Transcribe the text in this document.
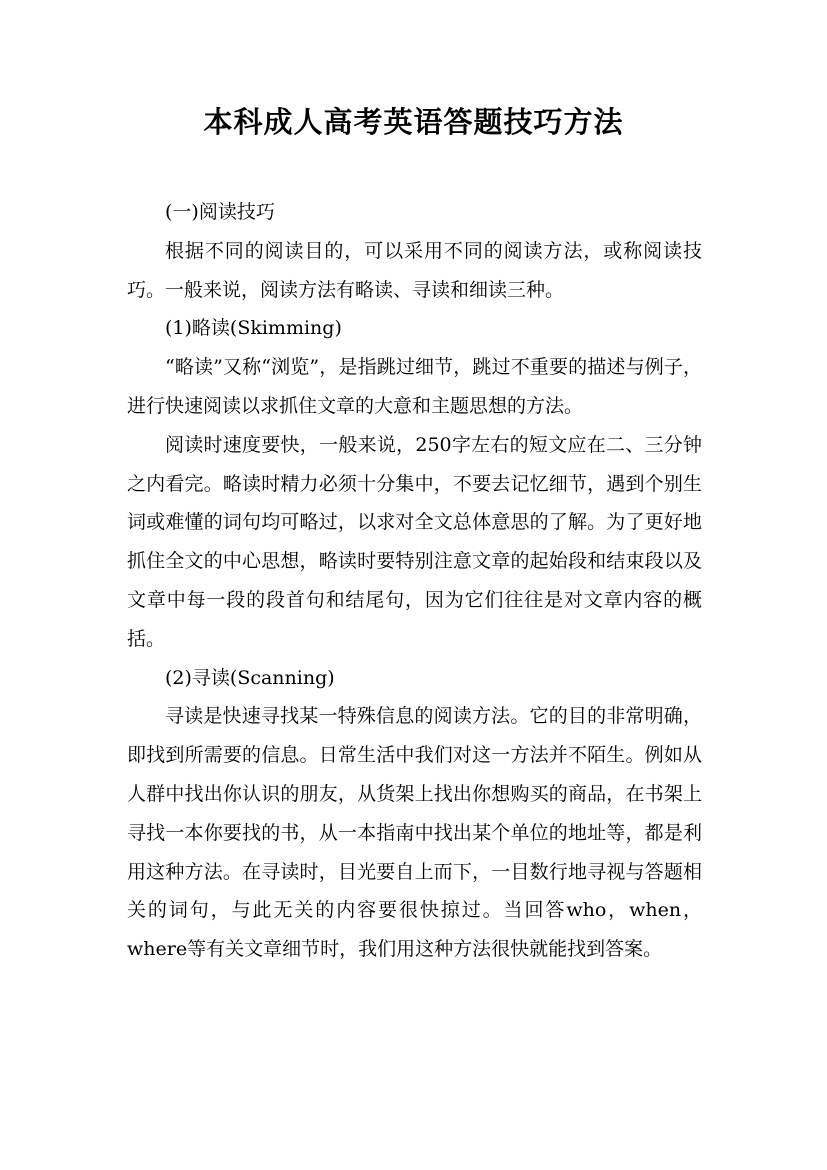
本科成人高考英语答题技巧方法

(一)阅读技巧

根据不同的阅读目的，可以采用不同的阅读方法，或称阅读技巧。一般来说，阅读方法有略读、寻读和细读三种。

(1)略读(Skimming)

“略读”又称“浏览”，是指跳过细节，跳过不重要的描述与例子，进行快速阅读以求抓住文章的大意和主题思想的方法。

阅读时速度要快，一般来说，250字左右的短文应在二、三分钟之内看完。略读时精力必须十分集中，不要去记忆细节，遇到个别生词或难懂的词句均可略过，以求对全文总体意思的了解。为了更好地抓住全文的中心思想，略读时要特别注意文章的起始段和结束段以及文章中每一段的段首句和结尾句，因为它们往往是对文章内容的概括。

(2)寻读(Scanning)

寻读是快速寻找某一特殊信息的阅读方法。它的目的非常明确，即找到所需要的信息。日常生活中我们对这一方法并不陌生。例如从人群中找出你认识的朋友，从货架上找出你想购买的商品，在书架上寻找一本你要找的书，从一本指南中找出某个单位的地址等，都是利用这种方法。在寻读时，目光要自上而下，一目数行地寻视与答题相关的词句，与此无关的内容要很快掠过。当回答who，when，where等有关文章细节时，我们用这种方法很快就能找到答案。
